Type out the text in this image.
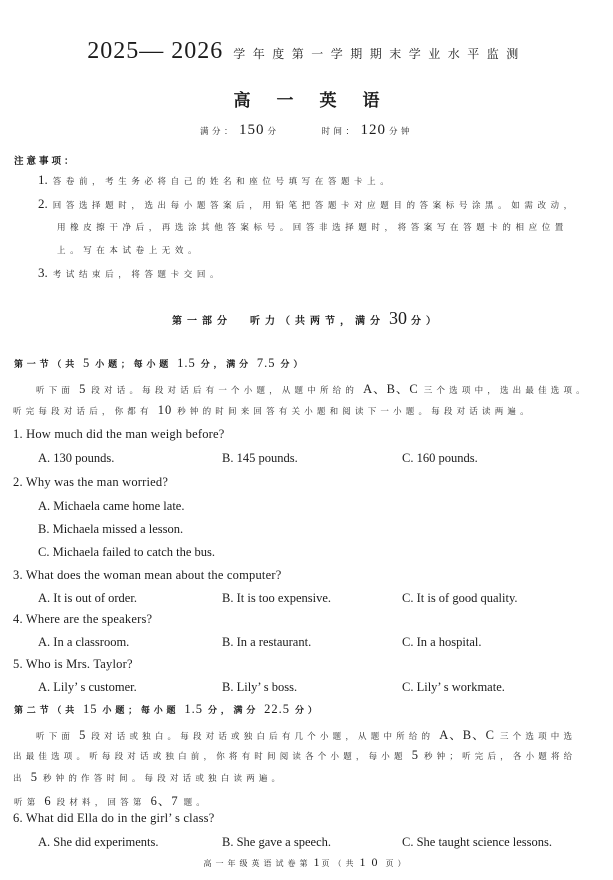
2025— 2026 学年度第一学期期末学业水平监测
高一英语
满分： 150 分	时间： 120 分钟
注意事项：
1. 答卷前，考生务必将自己的姓名和座位号填写在答题卡上。
2. 回答选择题时，选出每小题答案后，用铅笔把答题卡对应题目的答案标号涂黑。如需改动，
用橡皮擦干净后，再选涂其他答案标号。回答非选择题时，将答案写在答题卡的相应位置
上。写在本试卷上无效。
3. 考试结束后，将答题卡交回。
第一部分 听力（共两节，满分 30 分）
第一节（共 5 小题；每小题 1.5 分，满分 7.5 分）
听下面 5 段对话。每段对话后有一个小题，从题中所给的 A、B、C 三个选项中，选出最佳选项。
听完每段对话后，你都有 10 秒钟的时间来回答有关小题和阅读下一小题。每段对话读两遍。
1. How much did the man weigh before?
A. 130 pounds.	B. 145 pounds.	C. 160 pounds.
2. Why was the man worried?
A. Michaela came home late.
B. Michaela missed a lesson.
C. Michaela failed to catch the bus.
3. What does the woman mean about the computer?
A. It is out of order.	B. It is too expensive.	C. It is of good quality.
4. Where are the speakers?
A. In a classroom.	B. In a restaurant.	C. In a hospital.
5. Who is Mrs. Taylor?
A. Lily’ s customer.	B. Lily’ s boss.	C. Lily’ s workmate.
第二节（共 15 小题；每小题 1.5 分，满分 22.5 分）
听下面 5 段对话或独白。每段对话或独白后有几个小题，从题中所给的 A、B、C 三个选项中选
出最佳选项。听每段对话或独白前，你将有时间阅读各个小题，每小题 5 秒钟；听完后，各小题将给
出 5 秒钟的作答时间。每段对话或独白读两遍。
听第 6 段材料，回答第 6、7 题。
6. What did Ella do in the girl’ s class?
A. She did experiments.	B. She gave a speech.	C. She taught science lessons.
高一年级英语试卷第 1 页（共 10 页）
